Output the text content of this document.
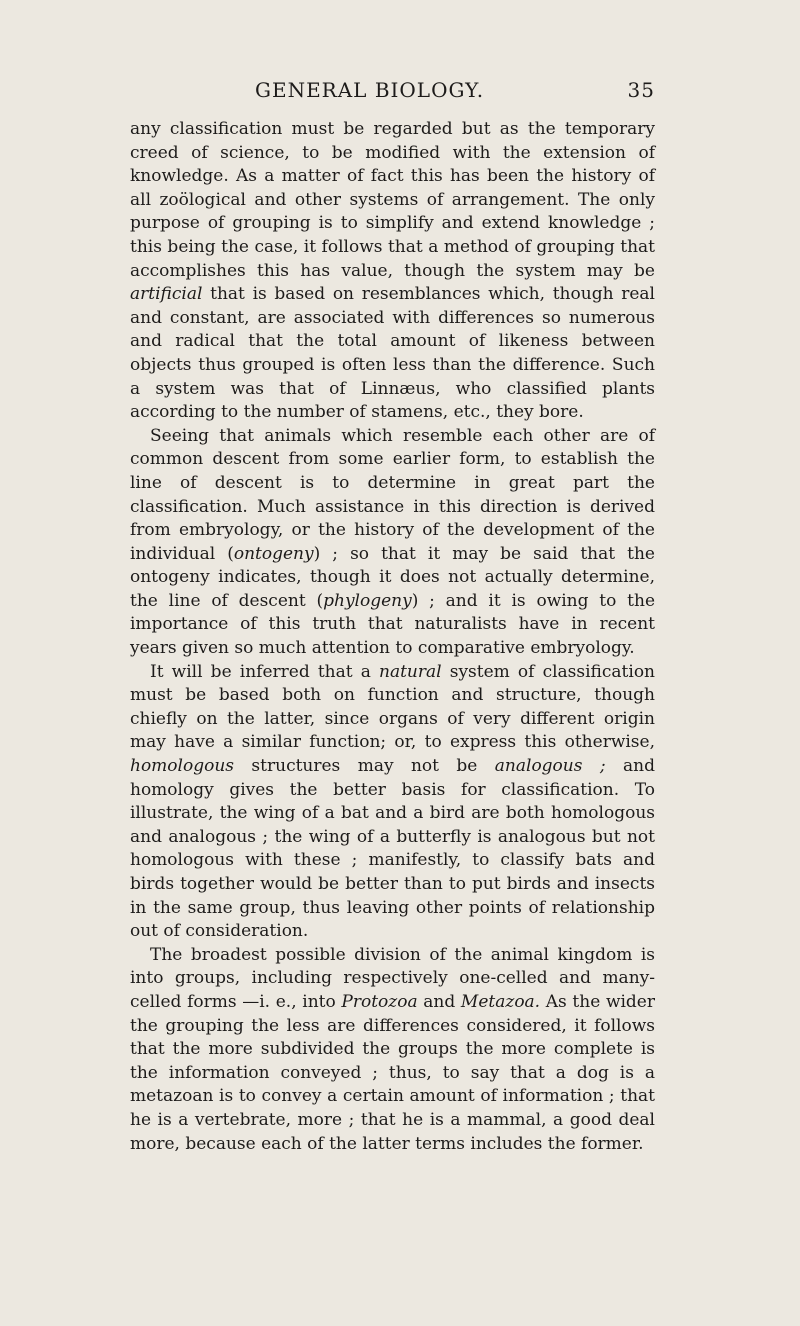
GENERAL BIOLOGY.	35

any classification must be regarded but as the temporary creed of science, to be modified with the extension of knowledge. As a matter of fact this has been the history of all zoölogical and other systems of arrangement. The only purpose of grouping is to simplify and extend knowledge ; this being the case, it follows that a method of grouping that accomplishes this has value, though the system may be artificial that is based on resemblances which, though real and constant, are associated with differences so numerous and radical that the total amount of likeness between objects thus grouped is often less than the difference. Such a system was that of Linnæus, who classified plants according to the number of stamens, etc., they bore.

Seeing that animals which resemble each other are of common descent from some earlier form, to establish the line of descent is to determine in great part the classification. Much assistance in this direction is derived from embryology, or the history of the development of the individual (ontogeny) ; so that it may be said that the ontogeny indicates, though it does not actually determine, the line of descent (phylogeny) ; and it is owing to the importance of this truth that naturalists have in recent years given so much attention to comparative embryology.

It will be inferred that a natural system of classification must be based both on function and structure, though chiefly on the latter, since organs of very different origin may have a similar function; or, to express this otherwise, homologous structures may not be analogous ; and homology gives the better basis for classification. To illustrate, the wing of a bat and a bird are both homologous and analogous ; the wing of a butterfly is analogous but not homologous with these ; manifestly, to classify bats and birds together would be better than to put birds and insects in the same group, thus leaving other points of relationship out of consideration.

The broadest possible division of the animal kingdom is into groups, including respectively one-celled and many-celled forms —i. e., into Protozoa and Metazoa. As the wider the grouping the less are differences considered, it follows that the more subdivided the groups the more complete is the information conveyed ; thus, to say that a dog is a metazoan is to convey a certain amount of information ; that he is a vertebrate, more ; that he is a mammal, a good deal more, because each of the latter terms includes the former.
